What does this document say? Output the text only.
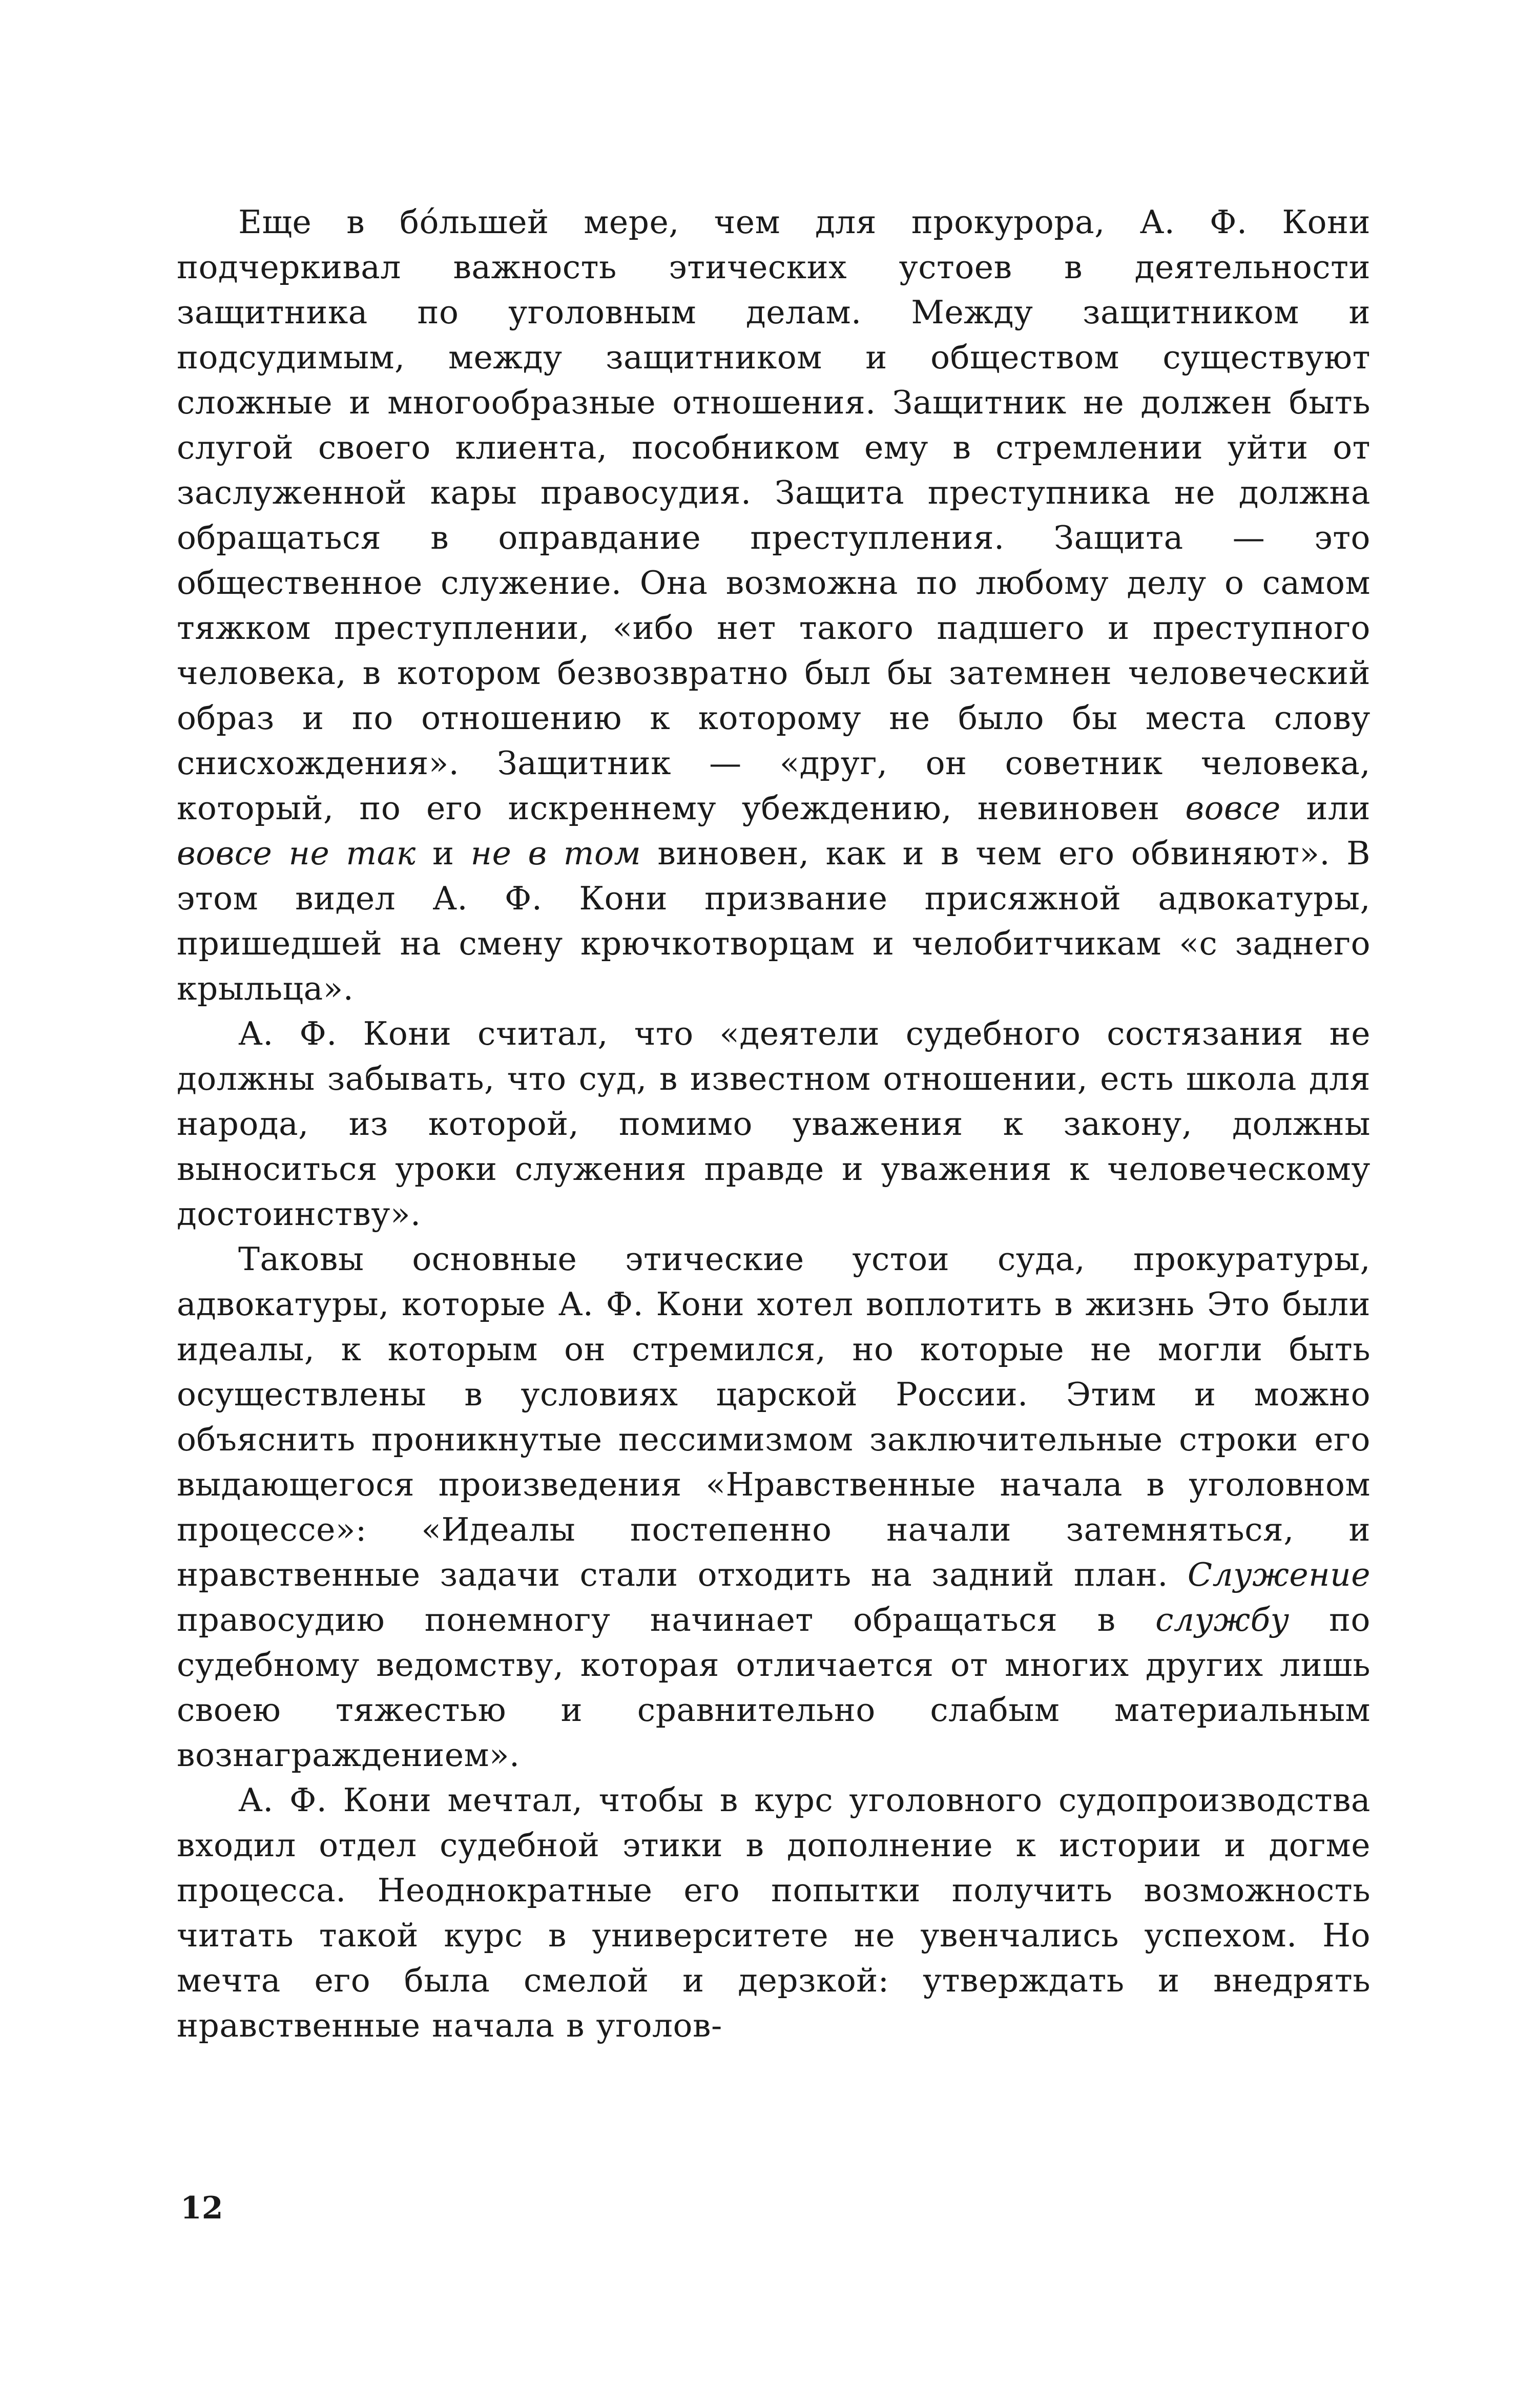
Еще в бóльшей мере, чем для прокурора, А. Ф. Кони подчеркивал важность этических устоев в деятельности защитника по уголовным делам. Между защитником и подсудимым, между защитником и обществом существуют сложные и многообразные отношения. Защитник не должен быть слугой своего клиента, пособником ему в стремлении уйти от заслуженной кары правосудия. Защита преступника не должна обращаться в оправдание преступления. Защита — это общественное служение. Она возможна по любому делу о самом тяжком преступлении, «ибо нет такого падшего и преступного человека, в котором безвозвратно был бы затемнен человеческий образ и по отношению к которому не было бы места слову снисхождения». Защитник — «друг, он советник человека, который, по его искреннему убеждению, невиновен вовсе или вовсе не так и не в том виновен, как и в чем его обвиняют». В этом видел А. Ф. Кони призвание присяжной адвокатуры, пришедшей на смену крючкотворцам и челобитчикам «с заднего крыльца».

А. Ф. Кони считал, что «деятели судебного состязания не должны забывать, что суд, в известном отношении, есть школа для народа, из которой, помимо уважения к закону, должны выноситься уроки служения правде и уважения к человеческому достоинству».

Таковы основные этические устои суда, прокуратуры, адвокатуры, которые А. Ф. Кони хотел воплотить в жизнь Это были идеалы, к которым он стремился, но которые не могли быть осуществлены в условиях царской России. Этим и можно объяснить проникнутые пессимизмом заключительные строки его выдающегося произведения «Нравственные начала в уголовном процессе»: «Идеалы постепенно начали затемняться, и нравственные задачи стали отходить на задний план. Служение правосудию понемногу начинает обращаться в службу по судебному ведомству, которая отличается от многих других лишь своею тяжестью и сравнительно слабым материальным вознаграждением».

А. Ф. Кони мечтал, чтобы в курс уголовного судопроизводства входил отдел судебной этики в дополнение к истории и догме процесса. Неоднократные его попытки получить возможность читать такой курс в университете не увенчались успехом. Но мечта его была смелой и дерзкой: утверждать и внедрять нравственные начала в уголов-

12
